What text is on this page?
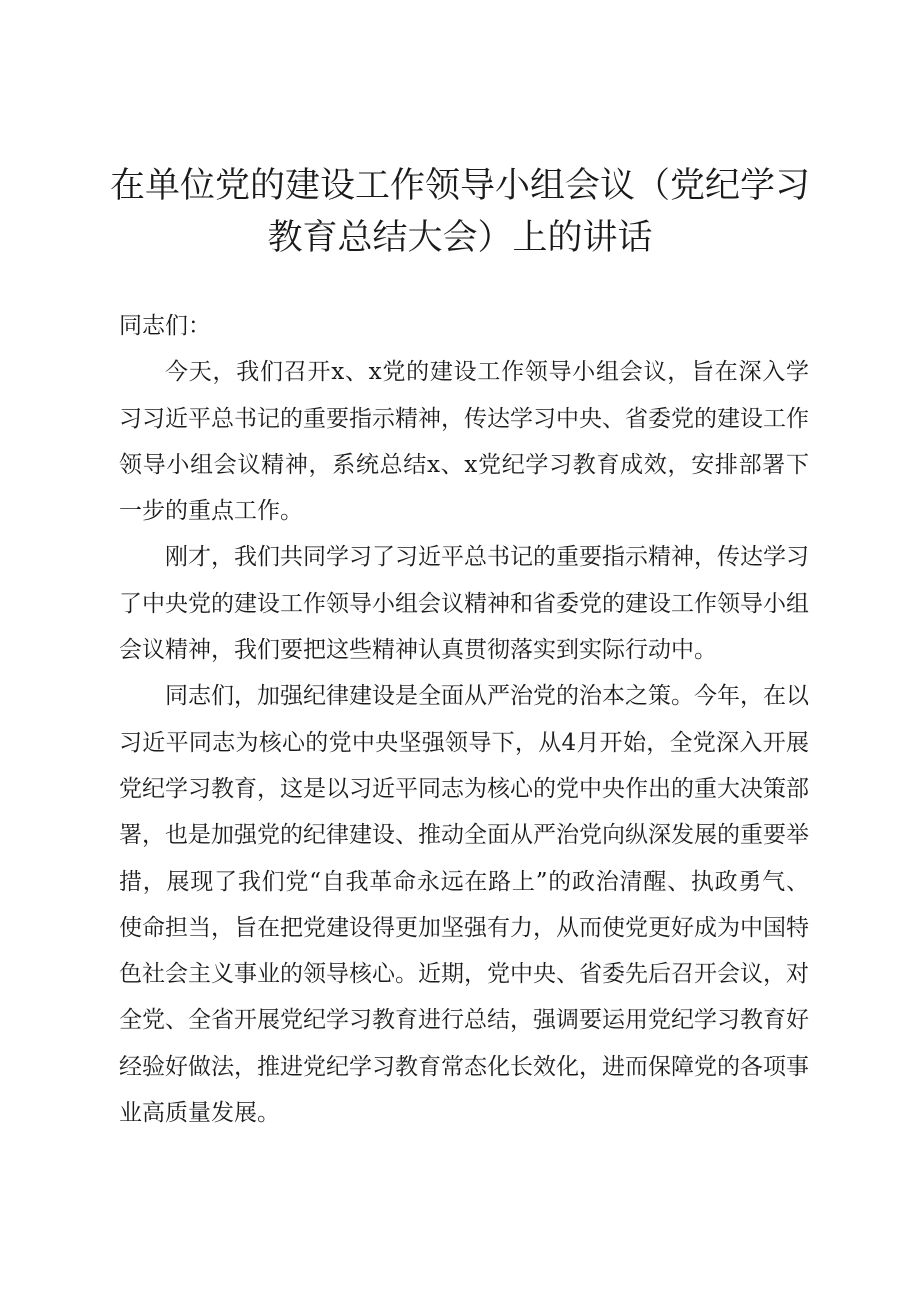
在单位党的建设工作领导小组会议（党纪学习
教育总结大会）上的讲话

同志们：

今天，我们召开x、x党的建设工作领导小组会议，旨在深入学习习近平总书记的重要指示精神，传达学习中央、省委党的建设工作领导小组会议精神，系统总结x、x党纪学习教育成效，安排部署下一步的重点工作。

刚才，我们共同学习了习近平总书记的重要指示精神，传达学习了中央党的建设工作领导小组会议精神和省委党的建设工作领导小组会议精神，我们要把这些精神认真贯彻落实到实际行动中。

同志们，加强纪律建设是全面从严治党的治本之策。今年，在以习近平同志为核心的党中央坚强领导下，从4月开始，全党深入开展党纪学习教育，这是以习近平同志为核心的党中央作出的重大决策部署，也是加强党的纪律建设、推动全面从严治党向纵深发展的重要举措，展现了我们党“自我革命永远在路上”的政治清醒、执政勇气、使命担当，旨在把党建设得更加坚强有力，从而使党更好成为中国特色社会主义事业的领导核心。近期，党中央、省委先后召开会议，对全党、全省开展党纪学习教育进行总结，强调要运用党纪学习教育好经验好做法，推进党纪学习教育常态化长效化，进而保障党的各项事业高质量发展。
